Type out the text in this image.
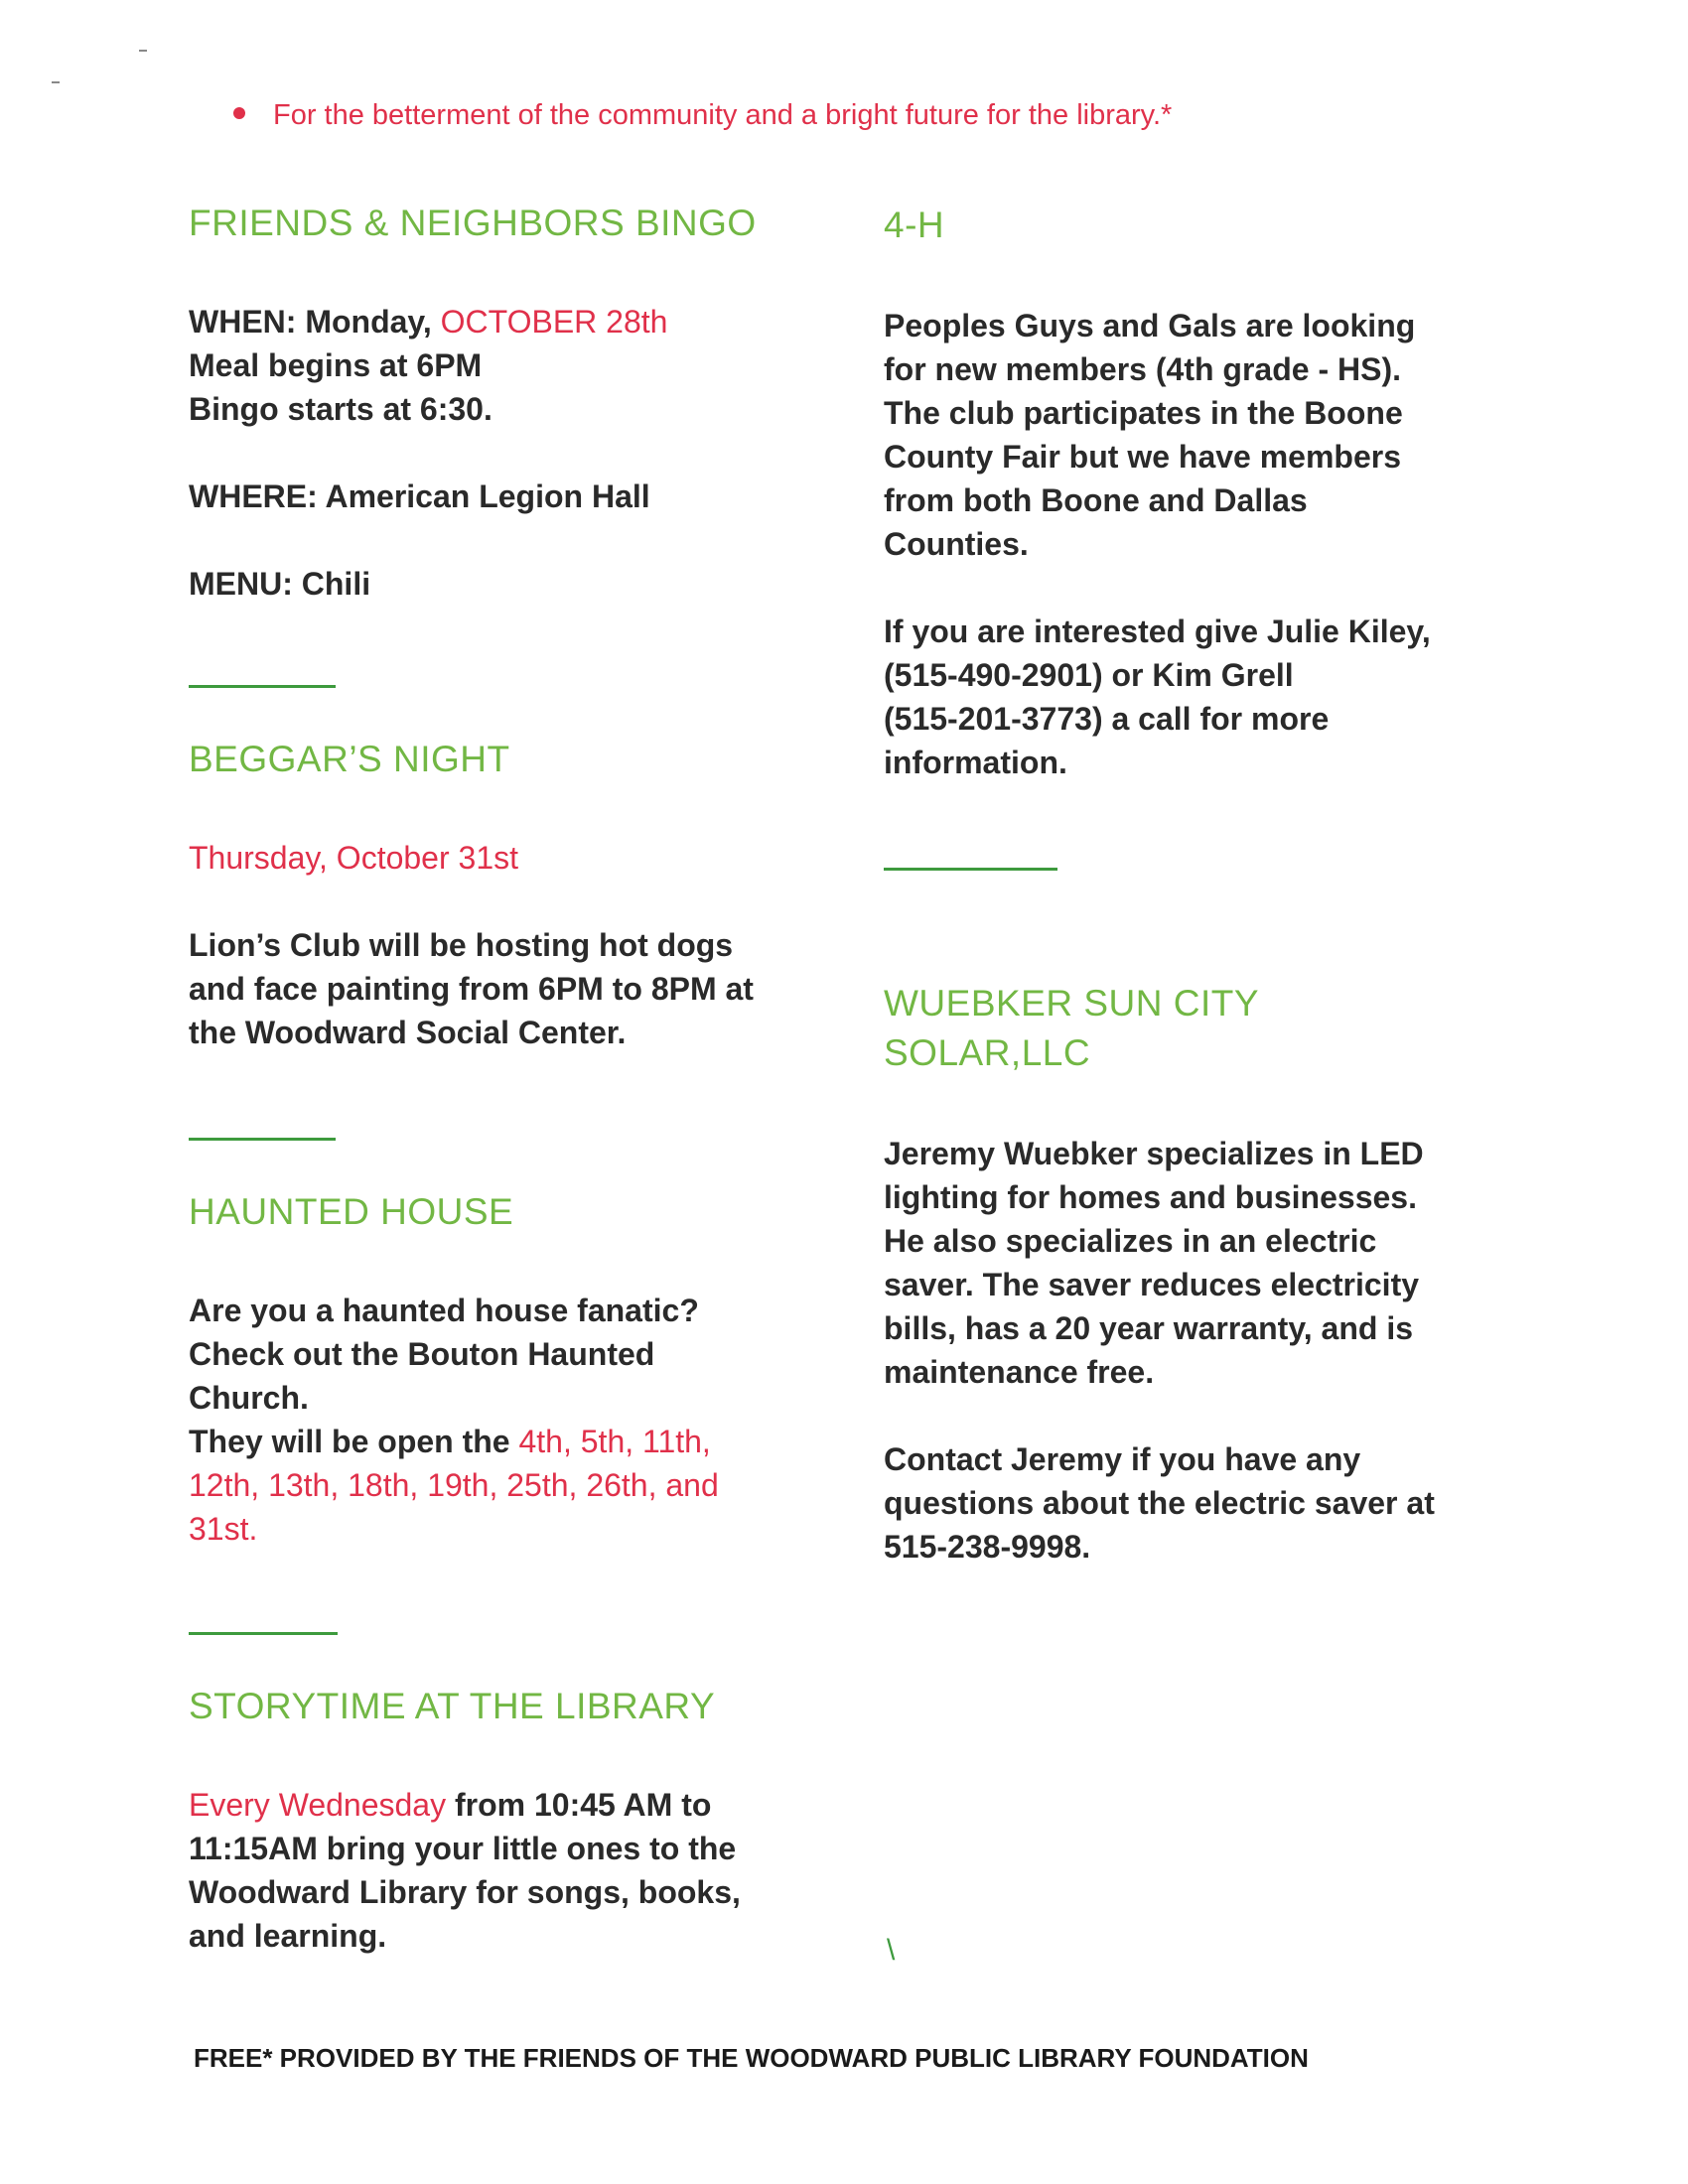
For the betterment of the community and a bright future for the library.*
FRIENDS & NEIGHBORS BINGO
WHEN: Monday, OCTOBER 28th
Meal begins at 6PM
Bingo starts at 6:30.
WHERE: American Legion Hall
MENU: Chili
BEGGAR’S NIGHT
Thursday, October 31st
Lion’s Club will be hosting hot dogs
and face painting from 6PM to 8PM at
the Woodward Social Center.
HAUNTED HOUSE
Are you a haunted house fanatic?
Check out the Bouton Haunted
Church.
They will be open the 4th, 5th, 11th,
12th, 13th, 18th, 19th, 25th, 26th, and
31st.
STORYTIME AT THE LIBRARY
Every Wednesday from 10:45 AM to
11:15AM bring your little ones to the
Woodward Library for songs, books,
and learning.
4-H
Peoples Guys and Gals are looking
for new members (4th grade - HS).
The club participates in the Boone
County Fair but we have members
from both Boone and Dallas
Counties.
If you are interested give Julie Kiley,
(515-490-2901) or Kim Grell
(515-201-3773) a call for more
information.
WUEBKER SUN CITY
SOLAR,LLC
Jeremy Wuebker specializes in LED
lighting for homes and businesses.
He also specializes in an electric
saver. The saver reduces electricity
bills, has a 20 year warranty, and is
maintenance free.
Contact Jeremy if you have any
questions about the electric saver at
515-238-9998.
\
FREE* PROVIDED BY THE FRIENDS OF THE WOODWARD PUBLIC LIBRARY FOUNDATION
